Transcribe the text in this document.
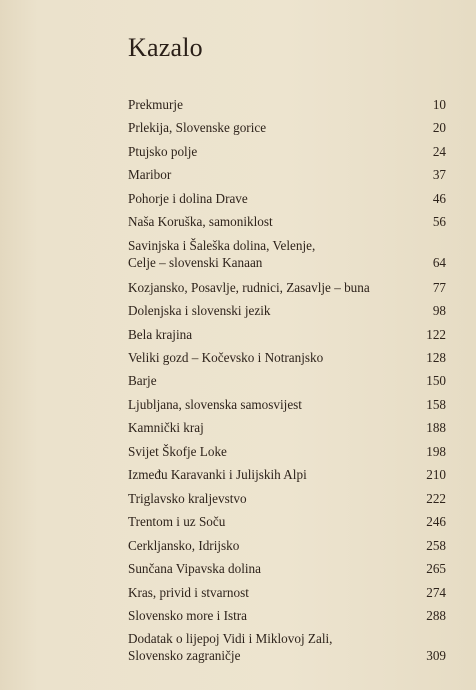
Kazalo
Prekmurje	10
Prlekija, Slovenske gorice	20
Ptujsko polje	24
Maribor	37
Pohorje i dolina Drave	46
Naša Koruška, samoniklost	56
Savinjska i Šaleška dolina, Velenje,
Celje – slovenski Kanaan	64
Kozjansko, Posavlje, rudnici, Zasavlje – buna	77
Dolenjska i slovenski jezik	98
Bela krajina	122
Veliki gozd – Kočevsko i Notranjsko	128
Barje	150
Ljubljana, slovenska samosvijest	158
Kamnički kraj	188
Svijet Škofje Loke	198
Između Karavanki i Julijskih Alpi	210
Triglavsko kraljevstvo	222
Trentom i uz Soču	246
Cerkljansko, Idrijsko	258
Sunčana Vipavska dolina	265
Kras, privid i stvarnost	274
Slovensko more i Istra	288
Dodatak o lijepoj Vidi i Miklovoj Zali,
Slovensko zagraničje	309
